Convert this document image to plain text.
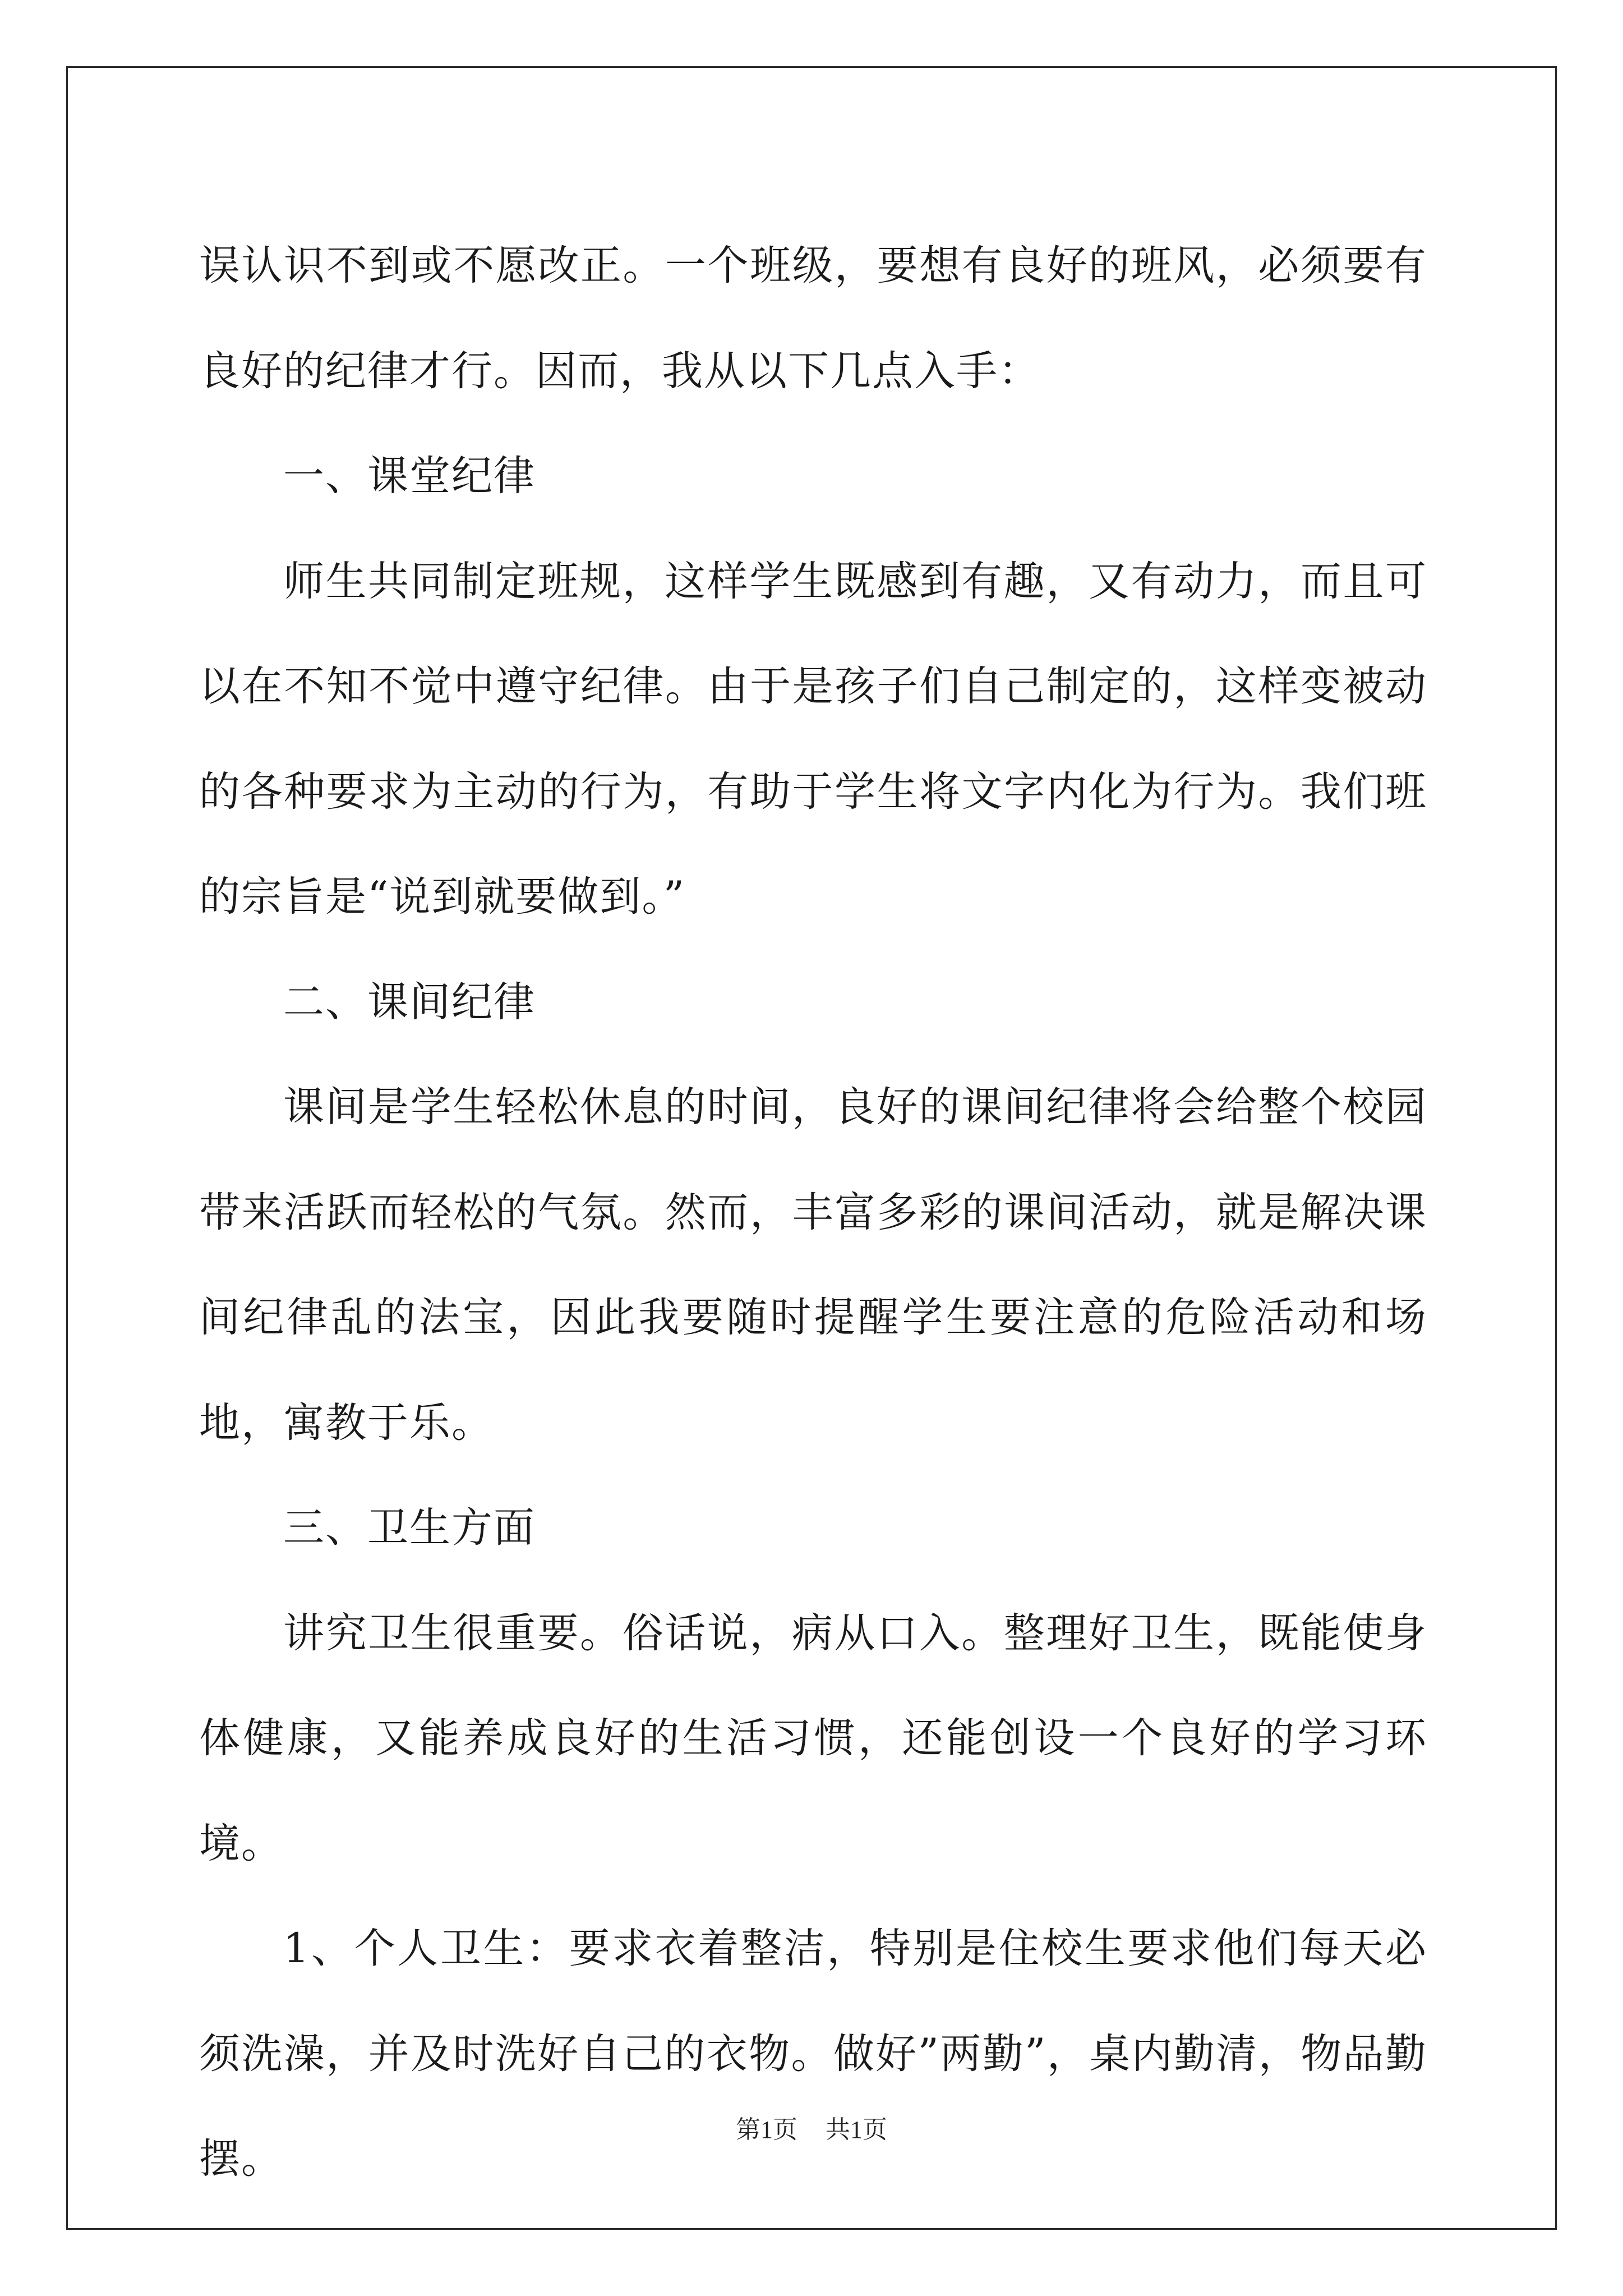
误认识不到或不愿改正。一个班级，要想有良好的班风，必须要有良好的纪律才行。因而，我从以下几点入手：

一、课堂纪律

师生共同制定班规，这样学生既感到有趣，又有动力，而且可以在不知不觉中遵守纪律。由于是孩子们自己制定的，这样变被动的各种要求为主动的行为，有助于学生将文字内化为行为。我们班的宗旨是“说到就要做到。”

二、课间纪律

课间是学生轻松休息的时间，良好的课间纪律将会给整个校园带来活跃而轻松的气氛。然而，丰富多彩的课间活动，就是解决课间纪律乱的法宝，因此我要随时提醒学生要注意的危险活动和场地，寓教于乐。

三、卫生方面

讲究卫生很重要。俗话说，病从口入。整理好卫生，既能使身体健康，又能养成良好的生活习惯，还能创设一个良好的学习环境。

1、个人卫生：要求衣着整洁，特别是住校生要求他们每天必须洗澡，并及时洗好自己的衣物。做好”两勤”，桌内勤清，物品勤摆。

第1页 共1页
